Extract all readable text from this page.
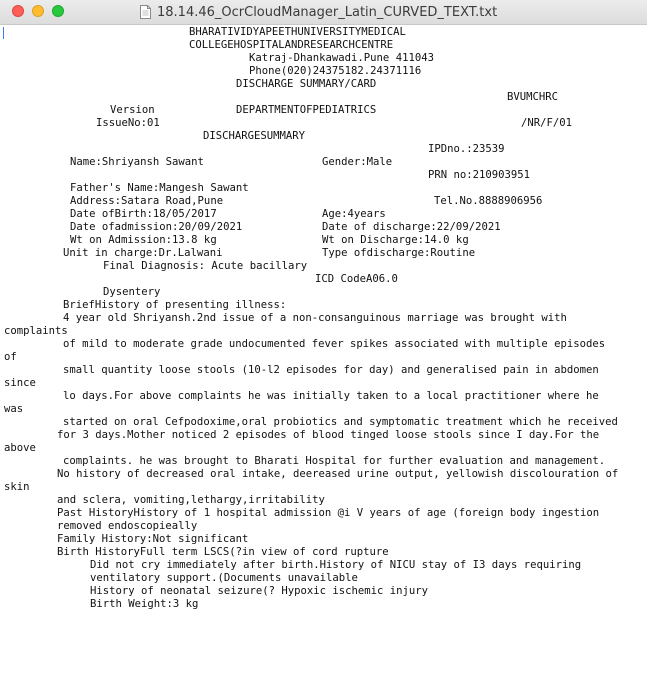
18.14.46_OcrCloudManager_Latin_CURVED_TEXT.txt
BHARATIVIDYAPEETHUNIVERSITYMEDICAL
COLLEGEHOSPITALANDRESEARCHCENTRE
Katraj-Dhankawadi.Pune 411043
Phone(020)24375182.24371116
DISCHARGE SUMMARY/CARD
BVUMCHRC
Version	DEPARTMENTOFPEDIATRICS
IssueNo:01	/NR/F/01
DISCHARGESUMMARY
IPDno.:23539
Name:Shriyansh Sawant	Gender:Male
PRN no:210903951
Father's Name:Mangesh Sawant
Address:Satara Road,Pune	Tel.No.8888906956
Date ofBirth:18/05/2017	Age:4years
Date ofadmission:20/09/2021	Date of discharge:22/09/2021
Wt on Admission:13.8 kg	Wt on Discharge:14.0 kg
Unit in charge:Dr.Lalwani	Type ofdischarge:Routine
Final Diagnosis: Acute bacillary
ICD CodeA06.0
Dysentery
BriefHistory of presenting illness:
4 year old Shriyansh.2nd issue of a non-consanguinous marriage was brought with
complaints
of mild to moderate grade undocumented fever spikes associated with multiple episodes
of
small quantity loose stools (10-l2 episodes for day) and generalised pain in abdomen
since
lo days.For above complaints he was initially taken to a local practitioner where he
was
started on oral Cefpodoxime,oral probiotics and symptomatic treatment which he received
for 3 days.Mother noticed 2 episodes of blood tinged loose stools since I day.For the
above
complaints. he was brought to Bharati Hospital for further evaluation and management.
No history of decreased oral intake, deereased urine output, yellowish discolouration of
skin
and sclera, vomiting,lethargy,irritability
Past HistoryHistory of 1 hospital admission @i V years of age (foreign body ingestion
removed endoscopieally
Family History:Not significant
Birth HistoryFull term LSCS(?in view of cord rupture
Did not cry immediately after birth.History of NICU stay of I3 days requiring
ventilatory support.(Documents unavailable
History of neonatal seizure(? Hypoxic ischemic injury
Birth Weight:3 kg
